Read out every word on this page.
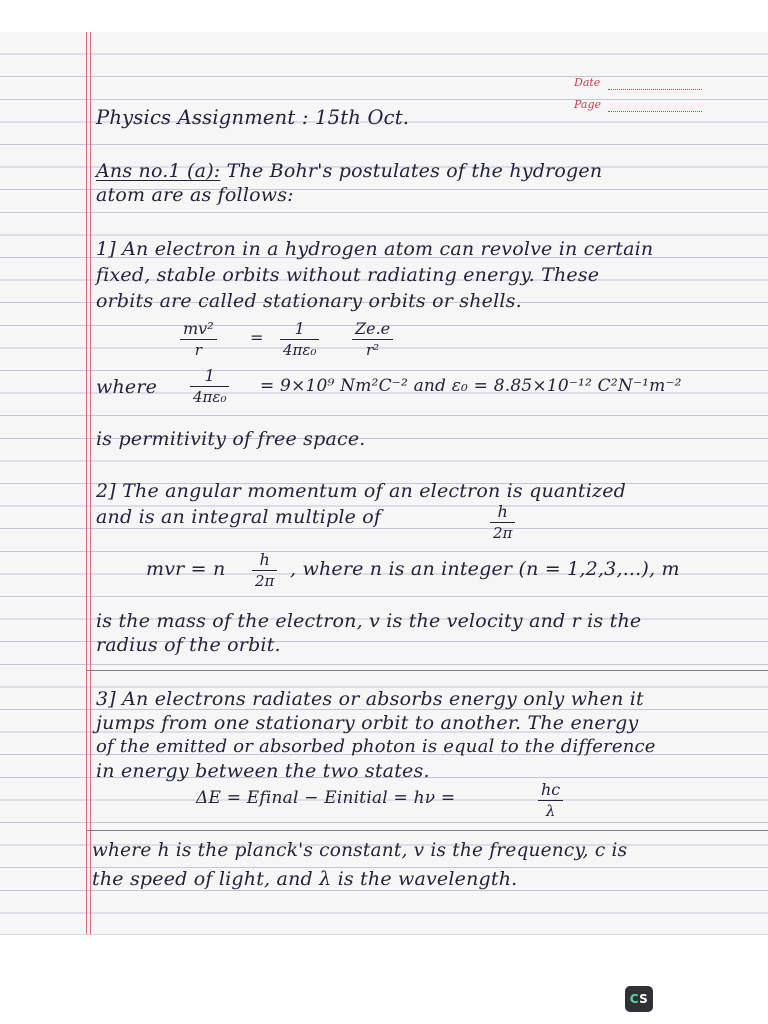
Date
Page
Physics Assignment : 15th Oct.
Ans no.1 (a): The Bohr's postulates of the hydrogen
atom are as follows:
1] An electron in a hydrogen atom can revolve in certain
fixed, stable orbits without radiating energy. These
orbits are called stationary orbits or shells.
mv²
r
= 1
4πε₀
Ze.e
r²
where
1
4πε₀
= 9×10⁹ Nm²C⁻² and ε₀ = 8.85×10⁻¹² C²N⁻¹m⁻²
is permitivity of free space.
2] The angular momentum of an electron is quantized
and is an integral multiple of	h
2π
mvr = n h
2π
, where n is an integer (n = 1,2,3,...), m
is the mass of the electron, v is the velocity and r is the
radius of the orbit.
3] An electrons radiates or absorbs energy only when it
jumps from one stationary orbit to another. The energy
of the emitted or absorbed photon is equal to the difference
in energy between the two states.
ΔE = Efinal − Einitial = hν =	hc
λ
where h is the planck's constant, v is the frequency, c is
the speed of light, and λ is the wavelength.
C S
